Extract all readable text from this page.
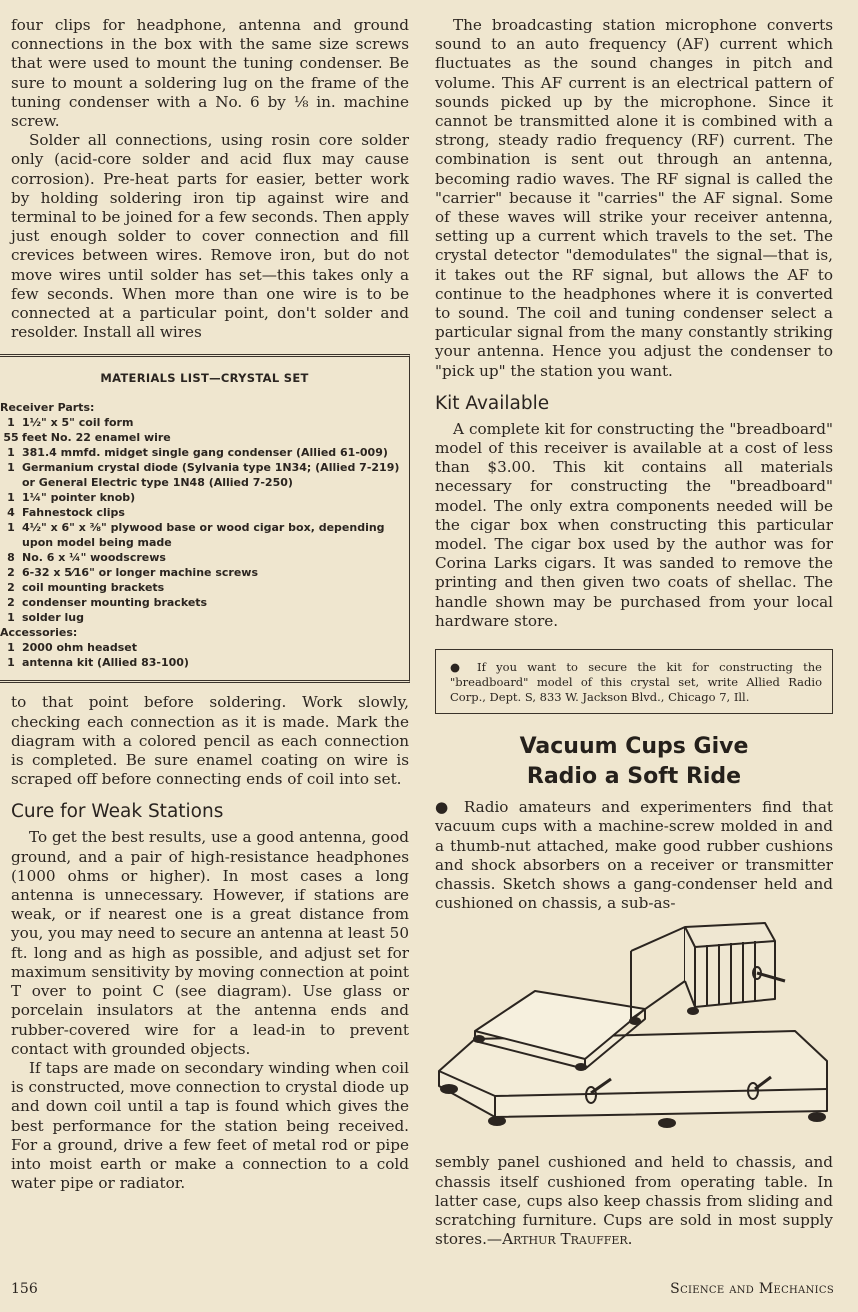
four clips for headphone, antenna and ground connections in the box with the same size screws that were used to mount the tuning condenser. Be sure to mount a soldering lug on the frame of the tuning condenser with a No. 6 by ⅛ in. machine screw.

Solder all connections, using rosin core solder only (acid-core solder and acid flux may cause corrosion). Pre-heat parts for easier, better work by holding soldering iron tip against wire and terminal to be joined for a few seconds. Then apply just enough solder to cover connection and fill crevices between wires. Remove iron, but do not move wires until solder has set—this takes only a few seconds. When more than one wire is to be connected at a particular point, don't solder and resolder. Install all wires

MATERIALS LIST—CRYSTAL SET
Receiver Parts:
1 1½" x 5" coil form
55 feet No. 22 enamel wire
1 381.4 mmfd. midget single gang condenser (Allied 61-009)
1 Germanium crystal diode (Sylvania type 1N34; (Allied 7-219) or General Electric type 1N48 (Allied 7-250)
1 1¼" pointer knob)
4 Fahnestock clips
1 4½" x 6" x ⅜" plywood base or wood cigar box, depending upon model being made
8 No. 6 x ¼" woodscrews
2 6-32 x 5⁄16" or longer machine screws
2 coil mounting brackets
2 condenser mounting brackets
1 solder lug
Accessories:
1 2000 ohm headset
1 antenna kit (Allied 83-100)

to that point before soldering. Work slowly, checking each connection as it is made. Mark the diagram with a colored pencil as each connection is completed. Be sure enamel coating on wire is scraped off before connecting ends of coil into set.

Cure for Weak Stations

To get the best results, use a good antenna, good ground, and a pair of high-resistance headphones (1000 ohms or higher). In most cases a long antenna is unnecessary. However, if stations are weak, or if nearest one is a great distance from you, you may need to secure an antenna at least 50 ft. long and as high as possible, and adjust set for maximum sensitivity by moving connection at point T over to point C (see diagram). Use glass or porcelain insulators at the antenna ends and rubber-covered wire for a lead-in to prevent contact with grounded objects.

If taps are made on secondary winding when coil is constructed, move connection to crystal diode up and down coil until a tap is found which gives the best performance for the station being received. For a ground, drive a few feet of metal rod or pipe into moist earth or make a connection to a cold water pipe or radiator.

The broadcasting station microphone converts sound to an auto frequency (AF) current which fluctuates as the sound changes in pitch and volume. This AF current is an electrical pattern of sounds picked up by the microphone. Since it cannot be transmitted alone it is combined with a strong, steady radio frequency (RF) current. The combination is sent out through an antenna, becoming radio waves. The RF signal is called the "carrier" because it "carries" the AF signal. Some of these waves will strike your receiver antenna, setting up a current which travels to the set. The crystal detector "demodulates" the signal—that is, it takes out the RF signal, but allows the AF to continue to the headphones where it is converted to sound. The coil and tuning condenser select a particular signal from the many constantly striking your antenna. Hence you adjust the condenser to "pick up" the station you want.

Kit Available

A complete kit for constructing the "breadboard" model of this receiver is available at a cost of less than $3.00. This kit contains all materials necessary for constructing the "breadboard" model. The only extra components needed will be the cigar box when constructing this particular model. The cigar box used by the author was for Corina Larks cigars. It was sanded to remove the printing and then given two coats of shellac. The handle shown may be purchased from your local hardware store.

● If you want to secure the kit for constructing the "breadboard" model of this crystal set, write Allied Radio Corp., Dept. S, 833 W. Jackson Blvd., Chicago 7, Ill.
Vacuum Cups Give
Radio a Soft Ride

● Radio amateurs and experimenters find that vacuum cups with a machine-screw molded in and a thumb-nut attached, make good rubber cushions and shock absorbers on a receiver or transmitter chassis. Sketch shows a gang-condenser held and cushioned on chassis, a sub-as-

sembly panel cushioned and held to chassis, and chassis itself cushioned from operating table. In latter case, cups also keep chassis from sliding and scratching furniture. Cups are sold in most supply stores.—Arthur Trauffer.

156	Science and Mechanics
